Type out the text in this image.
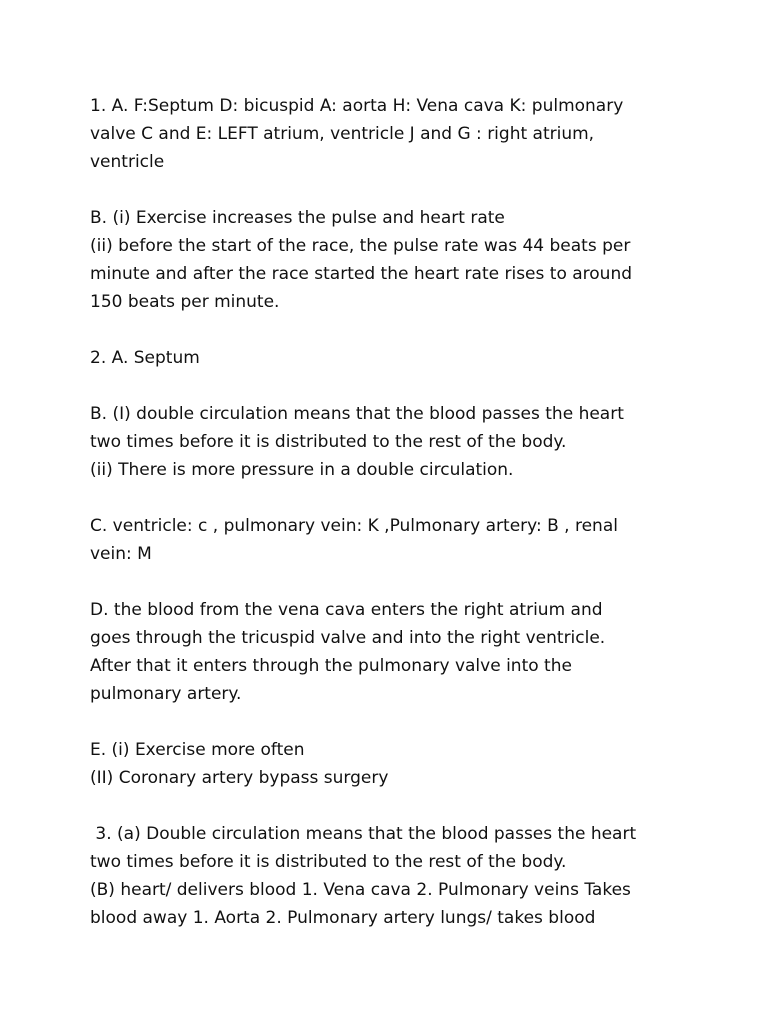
1. A. F:Septum D: bicuspid A: aorta H: Vena cava K: pulmonary
valve C and E: LEFT atrium, ventricle J and G : right atrium,
ventricle
B. (i) Exercise increases the pulse and heart rate
(ii) before the start of the race, the pulse rate was 44 beats per
minute and after the race started the heart rate rises to around
150 beats per minute.
2. A. Septum
B. (I) double circulation means that the blood passes the heart
two times before it is distributed to the rest of the body.
(ii) There is more pressure in a double circulation.
C. ventricle: c , pulmonary vein: K ,Pulmonary artery: B , renal
vein: M
D. the blood from the vena cava enters the right atrium and
goes through the tricuspid valve and into the right ventricle.
After that it enters through the pulmonary valve into the
pulmonary artery.
E. (i) Exercise more often
(II) Coronary artery bypass surgery
3. (a) Double circulation means that the blood passes the heart
two times before it is distributed to the rest of the body.
(B) heart/ delivers blood 1. Vena cava 2. Pulmonary veins Takes
blood away 1. Aorta 2. Pulmonary artery lungs/ takes blood
